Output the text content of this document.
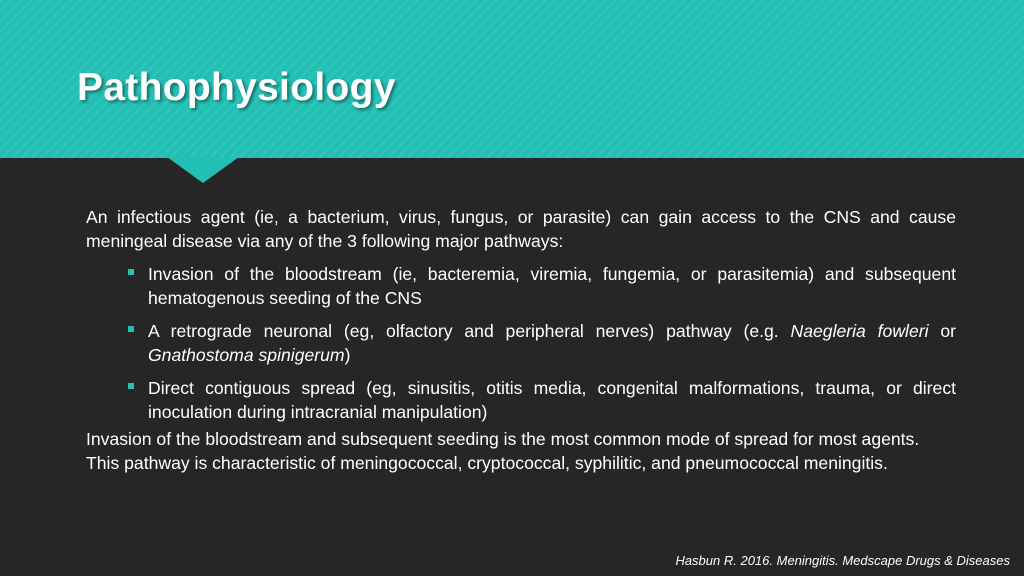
Pathophysiology

An infectious agent (ie, a bacterium, virus, fungus, or parasite) can gain access to the CNS and cause meningeal disease via any of the 3 following major pathways:

Invasion of the bloodstream (ie, bacteremia, viremia, fungemia, or parasitemia) and subsequent hematogenous seeding of the CNS
A retrograde neuronal (eg, olfactory and peripheral nerves) pathway (e.g. Naegleria fowleri or Gnathostoma spinigerum)
Direct contiguous spread (eg, sinusitis, otitis media, congenital malformations, trauma, or direct inoculation during intracranial manipulation)

Invasion of the bloodstream and subsequent seeding is the most common mode of spread for most agents. This pathway is characteristic of meningococcal, cryptococcal, syphilitic, and pneumococcal meningitis.

Hasbun R. 2016. Meningitis. Medscape Drugs & Diseases
